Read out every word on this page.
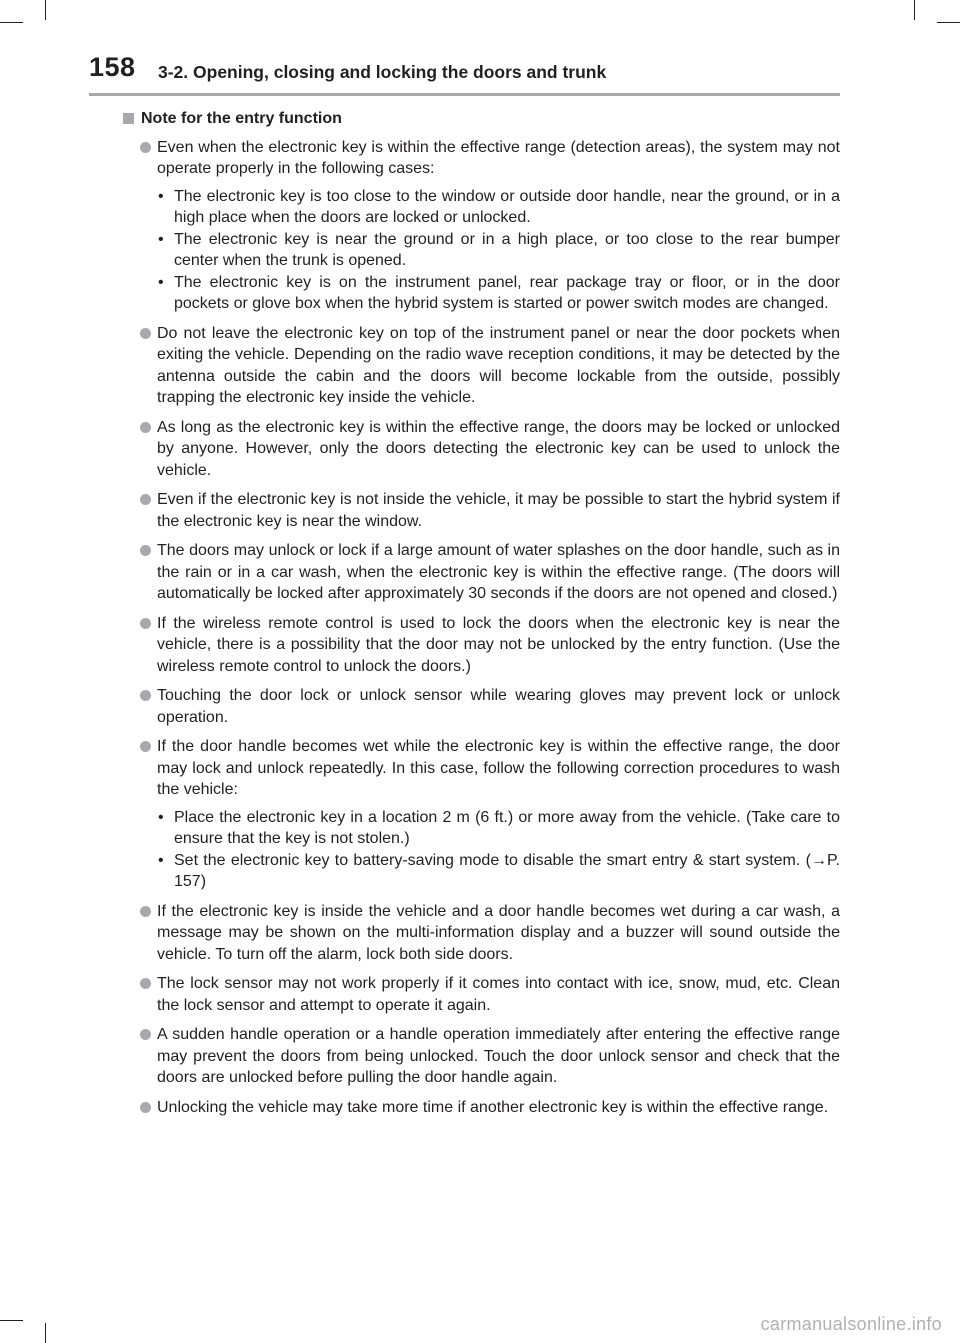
158 3-2. Opening, closing and locking the doors and trunk
Note for the entry function
Even when the electronic key is within the effective range (detection areas), the system may not operate properly in the following cases:
• The electronic key is too close to the window or outside door handle, near the ground, or in a high place when the doors are locked or unlocked.
• The electronic key is near the ground or in a high place, or too close to the rear bumper center when the trunk is opened.
• The electronic key is on the instrument panel, rear package tray or floor, or in the door pockets or glove box when the hybrid system is started or power switch modes are changed.
Do not leave the electronic key on top of the instrument panel or near the door pockets when exiting the vehicle. Depending on the radio wave reception conditions, it may be detected by the antenna outside the cabin and the doors will become lockable from the outside, possibly trapping the electronic key inside the vehicle.
As long as the electronic key is within the effective range, the doors may be locked or unlocked by anyone. However, only the doors detecting the electronic key can be used to unlock the vehicle.
Even if the electronic key is not inside the vehicle, it may be possible to start the hybrid system if the electronic key is near the window.
The doors may unlock or lock if a large amount of water splashes on the door handle, such as in the rain or in a car wash, when the electronic key is within the effective range. (The doors will automatically be locked after approximately 30 seconds if the doors are not opened and closed.)
If the wireless remote control is used to lock the doors when the electronic key is near the vehicle, there is a possibility that the door may not be unlocked by the entry function. (Use the wireless remote control to unlock the doors.)
Touching the door lock or unlock sensor while wearing gloves may prevent lock or unlock operation.
If the door handle becomes wet while the electronic key is within the effective range, the door may lock and unlock repeatedly. In this case, follow the following correction procedures to wash the vehicle:
• Place the electronic key in a location 2 m (6 ft.) or more away from the vehicle. (Take care to ensure that the key is not stolen.)
• Set the electronic key to battery-saving mode to disable the smart entry & start system. (→P. 157)
If the electronic key is inside the vehicle and a door handle becomes wet during a car wash, a message may be shown on the multi-information display and a buzzer will sound outside the vehicle. To turn off the alarm, lock both side doors.
The lock sensor may not work properly if it comes into contact with ice, snow, mud, etc. Clean the lock sensor and attempt to operate it again.
A sudden handle operation or a handle operation immediately after entering the effective range may prevent the doors from being unlocked. Touch the door unlock sensor and check that the doors are unlocked before pulling the door handle again.
Unlocking the vehicle may take more time if another electronic key is within the effective range.
carmanualsonline.info
